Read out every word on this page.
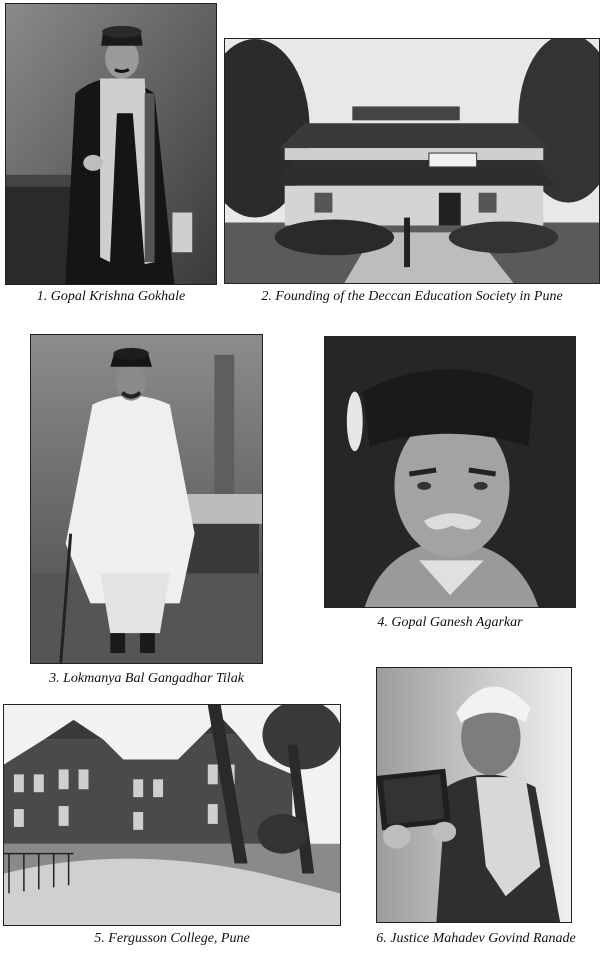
1. Gopal Krishna Gokhale	2. Founding of the Deccan Education Society in Pune
3. Lokmanya Bal Gangadhar Tilak
4. Gopal Ganesh Agarkar
5. Fergusson College, Pune	6. Justice Mahadev Govind Ranade
